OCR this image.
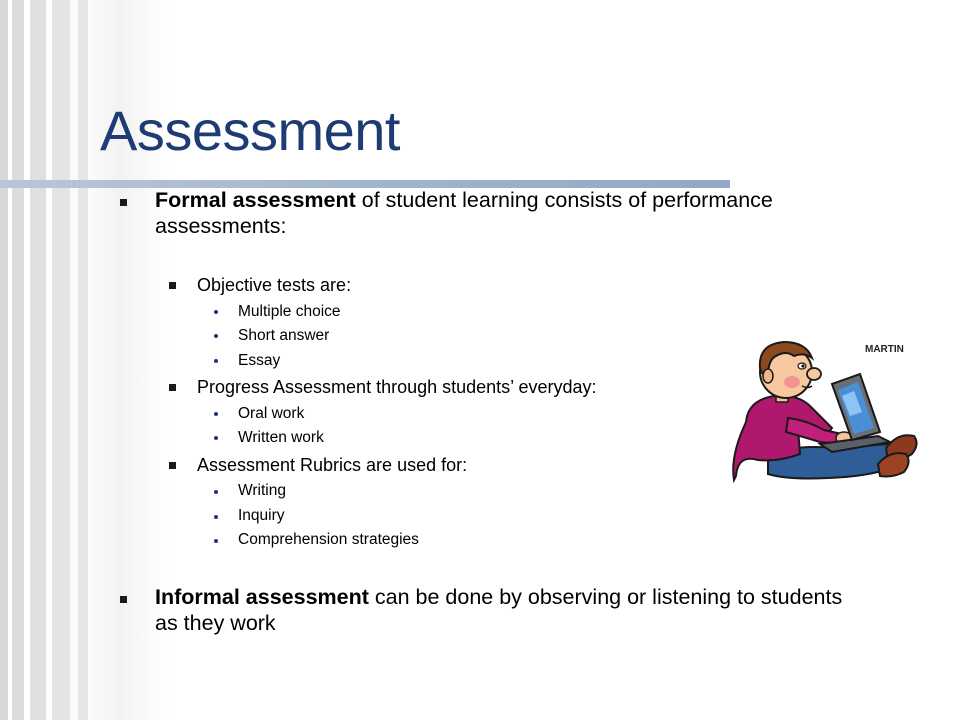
Assessment
Formal assessment of student learning consists of performance
assessments:
Objective tests are:
Multiple choice
Short answer
Essay
Progress Assessment through students’ everyday:
Oral work
Written work
Assessment Rubrics are used for:
Writing
Inquiry
Comprehension strategies
Informal assessment can be done by observing or listening to students
as they work
MARTIN
